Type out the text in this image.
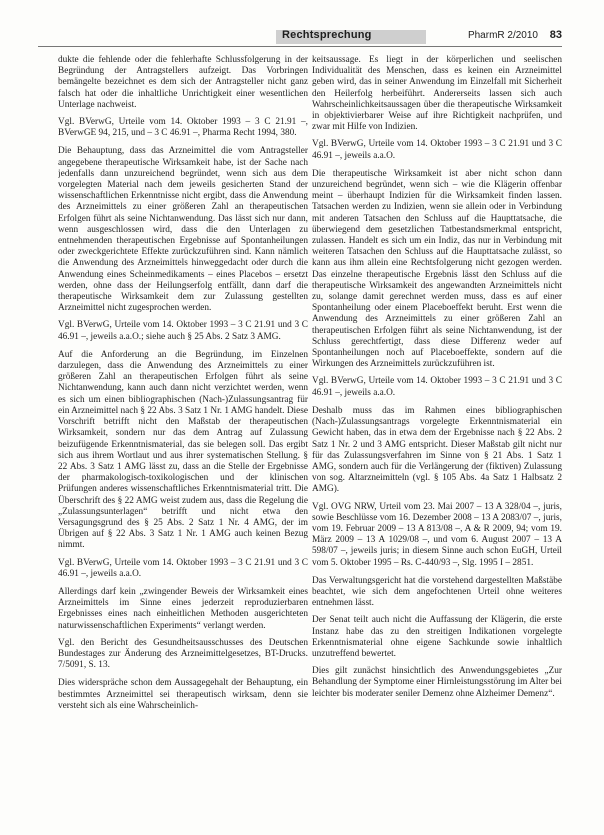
Rechtsprechung	PharmR 2/2010 83

dukte die fehlende oder die fehlerhafte Schlussfolgerung in der Begründung der Antragstellers aufzeigt. Das Vorbringen bemängelte bezeichnet es dem sich der Antragsteller nicht ganz falsch hat oder die inhaltliche Unrichtigkeit einer wesentlichen Unterlage nachweist.

Vgl. BVerwG, Urteile vom 14. Oktober 1993 – 3 C 21.91 –, BVerwGE 94, 215, und – 3 C 46.91 –, Pharma Recht 1994, 380.

Die Behauptung, dass das Arzneimittel die vom Antragsteller angegebene therapeutische Wirksamkeit habe, ist der Sache nach jedenfalls dann unzureichend begründet, wenn sich aus dem vorgelegten Material nach dem jeweils gesicherten Stand der wissenschaftlichen Erkenntnisse nicht ergibt, dass die Anwendung des Arzneimittels zu einer größeren Zahl an therapeutischen Erfolgen führt als seine Nichtanwendung. Das lässt sich nur dann, wenn ausgeschlossen wird, dass die den Unterlagen zu entnehmenden therapeutischen Ergebnisse auf Spontanheilungen oder zweckgerichtete Effekte zurückzuführen sind. Kann nämlich die Anwendung des Arzneimittels hinweggedacht oder durch die Anwendung eines Scheinmedikaments – eines Placebos – ersetzt werden, ohne dass der Heilungserfolg entfällt, dann darf die therapeutische Wirksamkeit dem zur Zulassung gestellten Arzneimittel nicht zugesprochen werden.

Vgl. BVerwG, Urteile vom 14. Oktober 1993 – 3 C 21.91 und 3 C 46.91 –, jeweils a.a.O.; siehe auch § 25 Abs. 2 Satz 3 AMG.

Auf die Anforderung an die Begründung, im Einzelnen darzulegen, dass die Anwendung des Arzneimittels zu einer größeren Zahl an therapeutischen Erfolgen führt als seine Nichtanwendung, kann auch dann nicht verzichtet werden, wenn es sich um einen bibliographischen (Nach-)Zulassungsantrag für ein Arzneimittel nach § 22 Abs. 3 Satz 1 Nr. 1 AMG handelt. Diese Vorschrift betrifft nicht den Maßstab der therapeutischen Wirksamkeit, sondern nur das dem Antrag auf Zulassung beizufügende Erkenntnismaterial, das sie belegen soll. Das ergibt sich aus ihrem Wortlaut und aus ihrer systematischen Stellung. § 22 Abs. 3 Satz 1 AMG lässt zu, dass an die Stelle der Ergebnisse der pharmakologisch-toxikologischen und der klinischen Prüfungen anderes wissenschaftliches Erkenntnismaterial tritt. Die Überschrift des § 22 AMG weist zudem aus, dass die Regelung die „Zulassungsunterlagen“ betrifft und nicht etwa den Versagungsgrund des § 25 Abs. 2 Satz 1 Nr. 4 AMG, der im Übrigen auf § 22 Abs. 3 Satz 1 Nr. 1 AMG auch keinen Bezug nimmt.

Vgl. BVerwG, Urteile vom 14. Oktober 1993 – 3 C 21.91 und 3 C 46.91 –, jeweils a.a.O.

Allerdings darf kein „zwingender Beweis der Wirksamkeit eines Arzneimittels im Sinne eines jederzeit reproduzierbaren Ergebnisses eines nach einheitlichen Methoden ausgerichteten naturwissenschaftlichen Experiments“ verlangt werden.

Vgl. den Bericht des Gesundheitsausschusses des Deutschen Bundestages zur Änderung des Arzneimittelgesetzes, BT-Drucks. 7/5091, S. 13.

Dies widerspräche schon dem Aussagegehalt der Behauptung, ein bestimmtes Arzneimittel sei therapeutisch wirksam, denn sie versteht sich als eine Wahrscheinlich-

keitsaussage. Es liegt in der körperlichen und seelischen Individualität des Menschen, dass es keinen ein Arzneimittel geben wird, das in seiner Anwendung im Einzelfall mit Sicherheit den Heilerfolg herbeiführt. Andererseits lassen sich auch Wahrscheinlichkeitsaussagen über die therapeutische Wirksamkeit in objektivierbarer Weise auf ihre Richtigkeit nachprüfen, und zwar mit Hilfe von Indizien.

Vgl. BVerwG, Urteile vom 14. Oktober 1993 – 3 C 21.91 und 3 C 46.91 –, jeweils a.a.O.

Die therapeutische Wirksamkeit ist aber nicht schon dann unzureichend begründet, wenn sich – wie die Klägerin offenbar meint – überhaupt Indizien für die Wirksamkeit finden lassen. Tatsachen werden zu Indizien, wenn sie allein oder in Verbindung mit anderen Tatsachen den Schluss auf die Haupttatsache, die überwiegend dem gesetzlichen Tatbestandsmerkmal entspricht, zulassen. Handelt es sich um ein Indiz, das nur in Verbindung mit weiteren Tatsachen den Schluss auf die Haupttatsache zulässt, so kann aus ihm allein eine Rechtsfolgerung nicht gezogen werden. Das einzelne therapeutische Ergebnis lässt den Schluss auf die therapeutische Wirksamkeit des angewandten Arzneimittels nicht zu, solange damit gerechnet werden muss, dass es auf einer Spontanheilung oder einem Placeboeffekt beruht. Erst wenn die Anwendung des Arzneimittels zu einer größeren Zahl an therapeutischen Erfolgen führt als seine Nichtanwendung, ist der Schluss gerechtfertigt, dass diese Differenz weder auf Spontanheilungen noch auf Placeboeffekte, sondern auf die Wirkungen des Arzneimittels zurückzuführen ist.

Vgl. BVerwG, Urteile vom 14. Oktober 1993 – 3 C 21.91 und 3 C 46.91 –, jeweils a.a.O.

Deshalb muss das im Rahmen eines bibliographischen (Nach-)Zulassungsantrags vorgelegte Erkenntnismaterial ein Gewicht haben, das in etwa dem der Ergebnisse nach § 22 Abs. 2 Satz 1 Nr. 2 und 3 AMG entspricht. Dieser Maßstab gilt nicht nur für das Zulassungsverfahren im Sinne von § 21 Abs. 1 Satz 1 AMG, sondern auch für die Verlängerung der (fiktiven) Zulassung von sog. Altarzneimitteln (vgl. § 105 Abs. 4a Satz 1 Halbsatz 2 AMG).

Vgl. OVG NRW, Urteil vom 23. Mai 2007 – 13 A 328/04 –, juris, sowie Beschlüsse vom 16. Dezember 2008 – 13 A 2083/07 –, juris, vom 19. Februar 2009 – 13 A 813/08 –, A & R 2009, 94; vom 19. März 2009 – 13 A 1029/08 –, und vom 6. August 2007 – 13 A 598/07 –, jeweils juris; in diesem Sinne auch schon EuGH, Urteil vom 5. Oktober 1995 – Rs. C-440/93 –, Slg. 1995 I – 2851.

Das Verwaltungsgericht hat die vorstehend dargestellten Maßstäbe beachtet, wie sich dem angefochtenen Urteil ohne weiteres entnehmen lässt.

Der Senat teilt auch nicht die Auffassung der Klägerin, die erste Instanz habe das zu den streitigen Indikationen vorgelegte Erkenntnismaterial ohne eigene Sachkunde sowie inhaltlich unzutreffend bewertet.

Dies gilt zunächst hinsichtlich des Anwendungsgebietes „Zur Behandlung der Symptome einer Hirnleistungsstörung im Alter bei leichter bis moderater seniler Demenz ohne Alzheimer Demenz“.
